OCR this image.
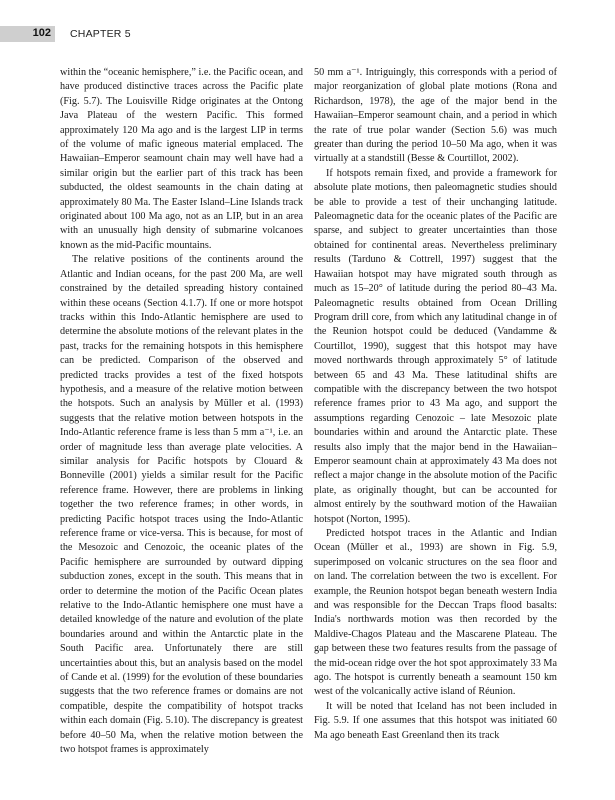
102 CHAPTER 5

within the “oceanic hemisphere,” i.e. the Pacific ocean, and have produced distinctive traces across the Pacific plate (Fig. 5.7). The Louisville Ridge originates at the Ontong Java Plateau of the western Pacific. This formed approximately 120 Ma ago and is the largest LIP in terms of the volume of mafic igneous material emplaced. The Hawaiian–Emperor seamount chain may well have had a similar origin but the earlier part of this track has been subducted, the oldest seamounts in the chain dating at approximately 80 Ma. The Easter Island–Line Islands track originated about 100 Ma ago, not as an LIP, but in an area with an unusually high density of submarine volcanoes known as the mid-Pacific mountains.

The relative positions of the continents around the Atlantic and Indian oceans, for the past 200 Ma, are well constrained by the detailed spreading history contained within these oceans (Section 4.1.7). If one or more hotspot tracks within this Indo-Atlantic hemisphere are used to determine the absolute motions of the relevant plates in the past, tracks for the remaining hotspots in this hemisphere can be predicted. Comparison of the observed and predicted tracks provides a test of the fixed hotspots hypothesis, and a measure of the relative motion between the hotspots. Such an analysis by Müller et al. (1993) suggests that the relative motion between hotspots in the Indo-Atlantic reference frame is less than 5 mm a⁻¹, i.e. an order of magnitude less than average plate velocities. A similar analysis for Pacific hotspots by Clouard & Bonneville (2001) yields a similar result for the Pacific reference frame. However, there are problems in linking together the two reference frames; in other words, in predicting Pacific hotspot traces using the Indo-Atlantic reference frame or vice-versa. This is because, for most of the Mesozoic and Cenozoic, the oceanic plates of the Pacific hemisphere are surrounded by outward dipping subduction zones, except in the south. This means that in order to determine the motion of the Pacific Ocean plates relative to the Indo-Atlantic hemisphere one must have a detailed knowledge of the nature and evolution of the plate boundaries around and within the Antarctic plate in the South Pacific area. Unfortunately there are still uncertainties about this, but an analysis based on the model of Cande et al. (1999) for the evolution of these boundaries suggests that the two reference frames or domains are not compatible, despite the compatibility of hotspot tracks within each domain (Fig. 5.10). The discrepancy is greatest before 40–50 Ma, when the relative motion between the two hotspot frames is approximately

50 mm a⁻¹. Intriguingly, this corresponds with a period of major reorganization of global plate motions (Rona and Richardson, 1978), the age of the major bend in the Hawaiian–Emperor seamount chain, and a period in which the rate of true polar wander (Section 5.6) was much greater than during the period 10–50 Ma ago, when it was virtually at a standstill (Besse & Courtillot, 2002).

If hotspots remain fixed, and provide a framework for absolute plate motions, then paleomagnetic studies should be able to provide a test of their unchanging latitude. Paleomagnetic data for the oceanic plates of the Pacific are sparse, and subject to greater uncertainties than those obtained for continental areas. Nevertheless preliminary results (Tarduno & Cottrell, 1997) suggest that the Hawaiian hotspot may have migrated south through as much as 15–20° of latitude during the period 80–43 Ma. Paleomagnetic results obtained from Ocean Drilling Program drill core, from which any latitudinal change in of the Reunion hotspot could be deduced (Vandamme & Courtillot, 1990), suggest that this hotspot may have moved northwards through approximately 5° of latitude between 65 and 43 Ma. These latitudinal shifts are compatible with the discrepancy between the two hotspot reference frames prior to 43 Ma ago, and support the assumptions regarding Cenozoic – late Mesozoic plate boundaries within and around the Antarctic plate. These results also imply that the major bend in the Hawaiian–Emperor seamount chain at approximately 43 Ma does not reflect a major change in the absolute motion of the Pacific plate, as originally thought, but can be accounted for almost entirely by the southward motion of the Hawaiian hotspot (Norton, 1995).

Predicted hotspot traces in the Atlantic and Indian Ocean (Müller et al., 1993) are shown in Fig. 5.9, superimposed on volcanic structures on the sea floor and on land. The correlation between the two is excellent. For example, the Reunion hotspot began beneath western India and was responsible for the Deccan Traps flood basalts: India's northwards motion was then recorded by the Maldive-Chagos Plateau and the Mascarene Plateau. The gap between these two features results from the passage of the mid-ocean ridge over the hot spot approximately 33 Ma ago. The hotspot is currently beneath a seamount 150 km west of the volcanically active island of Réunion.

It will be noted that Iceland has not been included in Fig. 5.9. If one assumes that this hotspot was initiated 60 Ma ago beneath East Greenland then its track
